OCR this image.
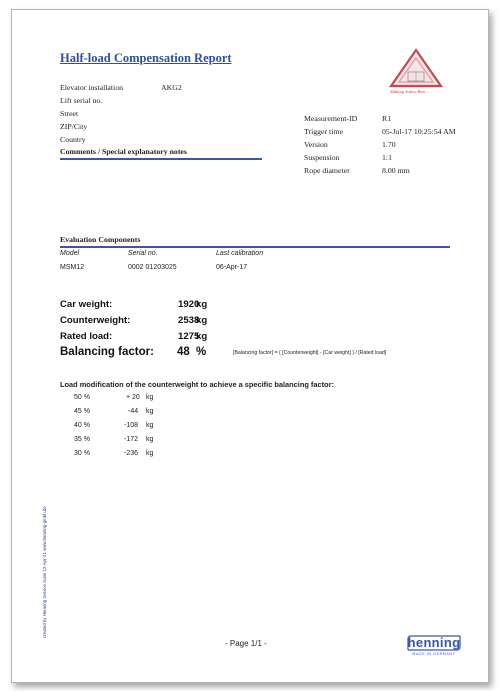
Half-load Compensation Report
Elevator installation	AKG2
Lift serial no.
Street
ZIP/City
Country
Comments / Special explanatory notes
Making Safety Best...
Measurement-ID	R1
Trigger time	05-Jul-17 10:25:54 AM
Version	1.70
Suspension	1:1
Rope diameter	8.00 mm
Evaluation Components
Model	Serial no.	Last calibration
MSM12	0002 01203025	06-Apr-17
Car weight:	1920
kg
Counterweight:	2538
kg
Rated load:	1275
kg
Balancing factor: 48 %	[Balancing factor] = ( [Counterweight] - [Car weight] ) / [Rated load]
Load modification of the counterweight to achieve a specific balancing factor:
50 %	+ 20 kg
45 %	-44 kg
40 %	-108 kg
35 %	-172 kg
30 %	-236 kg
created by Henning Service Suite 12-Apr-21 www.henning-gmbh.de
- Page 1/1 -	henning
MADE IN GERMANY
